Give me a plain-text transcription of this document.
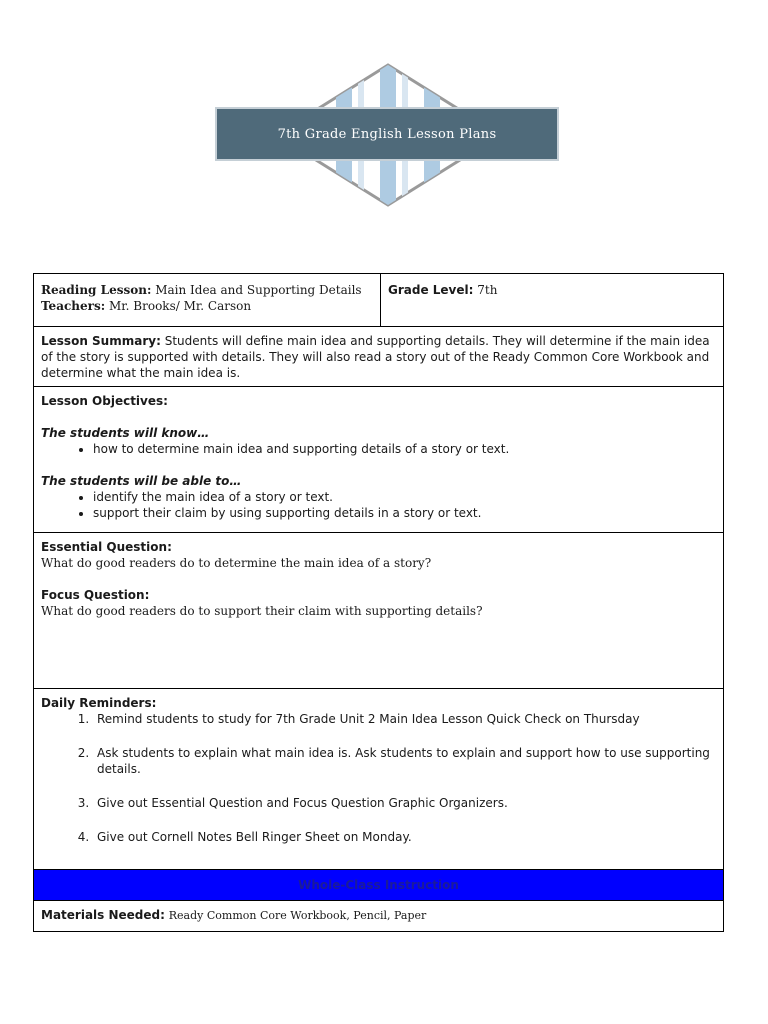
7th Grade English Lesson Plans
Reading Lesson: Main Idea and Supporting Details
Teachers: Mr. Brooks/ Mr. Carson
Grade Level: 7th
Lesson Summary: Students will define main idea and supporting details. They will determine if the main idea of the story is supported with details. They will also read a story out of the Ready Common Core Workbook and determine what the main idea is.
Lesson Objectives:
The students will know…
• how to determine main idea and supporting details of a story or text.
The students will be able to…
• identify the main idea of a story or text.
• support their claim by using supporting details in a story or text.
Essential Question:
What do good readers do to determine the main idea of a story?
Focus Question:
What do good readers do to support their claim with supporting details?
Daily Reminders:
1. Remind students to study for 7th Grade Unit 2 Main Idea Lesson Quick Check on Thursday
2. Ask students to explain what main idea is. Ask students to explain and support how to use supporting details.
3. Give out Essential Question and Focus Question Graphic Organizers.
4. Give out Cornell Notes Bell Ringer Sheet on Monday.
Whole-Class Instruction
Materials Needed: Ready Common Core Workbook, Pencil, Paper
